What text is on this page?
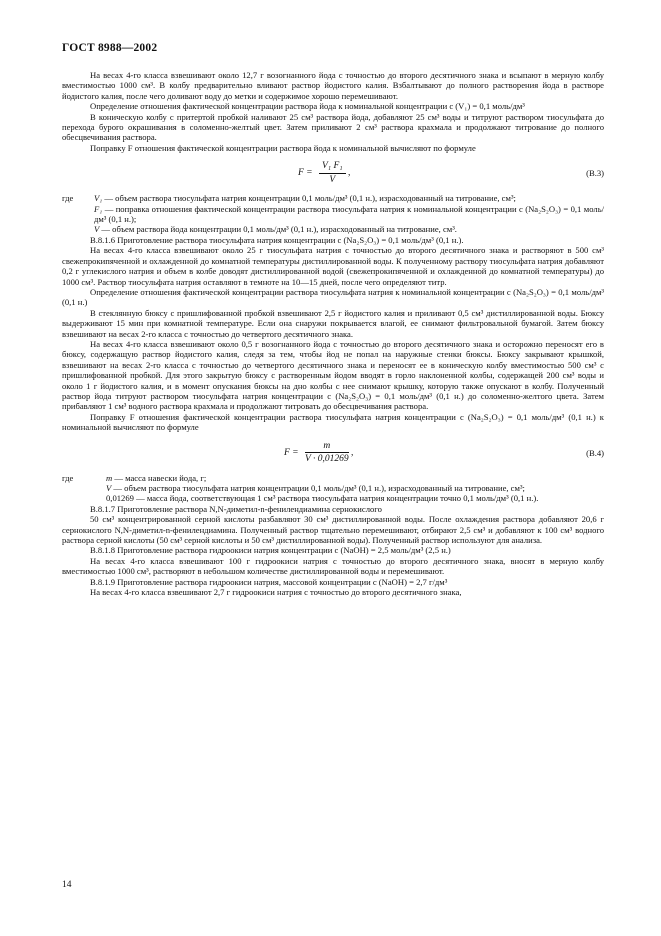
ГОСТ 8988—2002

На весах 4-го класса взвешивают около 12,7 г возогнанного йода с точностью до второго десятичного знака и всыпают в мерную колбу вместимостью 1000 см³. В колбу предварительно вливают раствор йодистого калия. Взбалтывают до полного растворения йода в растворе йодистого калия, после чего доливают воду до метки и содержимое хорошо перемешивают.

Определение отношения фактической концентрации раствора йода к номинальной концентрации c (V₁) = 0,1 моль/дм³

В коническую колбу с притертой пробкой наливают 25 см³ раствора йода, добавляют 25 см³ воды и титруют раствором тиосульфата до перехода бурого окрашивания в соломенно-желтый цвет. Затем приливают 2 см³ раствора крахмала и продолжают титрование до полного обесцвечивания раствора.

Поправку F отношения фактической концентрации раствора йода к номинальной вычисляют по формуле

$F = \frac{\text{V₁ F₁}}{V}$ ,	(В.3)
где	V₁ — объем раствора тиосульфата натрия концентрации 0,1 моль/дм³ (0,1 н.), израсходованный на титрование, см³;
F₁ — поправка отношения фактической концентрации раствора тиосульфата натрия к номинальной концентрации c (Na₂S₂O₃) = 0,1 моль/дм³ (0,1 н.);
V — объем раствора йода концентрации 0,1 моль/дм³ (0,1 н.), израсходованный на титрование, см³.

В.8.1.6 Приготовление раствора тиосульфата натрия концентрации c (Na₂S₂O₃) = 0,1 моль/дм³ (0,1 н.).

На весах 4-го класса взвешивают около 25 г тиосульфата натрия с точностью до второго десятичного знака и растворяют в 500 см³ свежепрокипяченной и охлажденной до комнатной температуры дистиллированной воды. К полученному раствору тиосульфата натрия добавляют 0,2 г углекислого натрия и объем в колбе доводят дистиллированной водой (свежепрокипяченной и охлажденной до комнатной температуры) до 1000 см³. Раствор тиосульфата натрия оставляют в темноте на 10—15 дней, после чего определяют титр.

Определение отношения фактической концентрации раствора тиосульфата натрия к номинальной концентрации c (Na₂S₂O₃) = 0,1 моль/дм³ (0,1 н.)

В стеклянную бюксу с пришлифованной пробкой взвешивают 2,5 г йодистого калия и приливают 0,5 см³ дистиллированной воды. Бюксу выдерживают 15 мин при комнатной температуре. Если она снаружи покрывается влагой, ее снимают фильтровальной бумагой. Затем бюксу взвешивают на весах 2-го класса с точностью до четвертого десятичного знака.

На весах 4-го класса взвешивают около 0,5 г возогнанного йода с точностью до второго десятичного знака и осторожно переносят его в бюксу, содержащую раствор йодистого калия, следя за тем, чтобы йод не попал на наружные стенки бюксы. Бюксу закрывают крышкой, взвешивают на весах 2-го класса с точностью до четвертого десятичного знака и переносят ее в коническую колбу вместимостью 500 см³ с пришлифованной пробкой. Для этого закрытую бюксу с растворенным йодом вводят в горло наклоненной колбы, содержащей 200 см³ воды и около 1 г йодистого калия, и в момент опускания бюксы на дно колбы с нее снимают крышку, которую также опускают в колбу. Полученный раствор йода титруют раствором тиосульфата натрия концентрации c (Na₂S₂O₃) = 0,1 моль/дм³ (0,1 н.) до соломенно-желтого цвета. Затем прибавляют 1 см³ водного раствора крахмала и продолжают титровать до обесцвечивания раствора.

Поправку F отношения фактической концентрации раствора тиосульфата натрия концентрации c (Na₂S₂O₃) = 0,1 моль/дм³ (0,1 н.) к номинальной вычисляют по формуле

$F = \frac{m}{V \cdot 0,01269}$ ,	(В.4)
где	m — масса навески йода, г;
V — объем раствора тиосульфата натрия концентрации 0,1 моль/дм³ (0,1 н.), израсходованный на титрование, см³;
0,01269 — масса йода, соответствующая 1 см³ раствора тиосульфата натрия концентрации точно 0,1 моль/дм³ (0,1 н.).

В.8.1.7 Приготовление раствора N,N-диметил-n-фенилендиамина сернокислого

50 см³ концентрированной серной кислоты разбавляют 30 см³ дистиллированной воды. После охлаждения раствора добавляют 20,6 г сернокислого N,N-диметил-n-фенилендиамина. Полученный раствор тщательно перемешивают, отбирают 2,5 см³ и добавляют к 100 см³ водного раствора серной кислоты (50 см³ серной кислоты и 50 см³ дистиллированной воды). Полученный раствор используют для анализа.

В.8.1.8 Приготовление раствора гидроокиси натрия концентрации c (NaOH) = 2,5 моль/дм³ (2,5 н.)

На весах 4-го класса взвешивают 100 г гидроокиси натрия с точностью до второго десятичного знака, вносят в мерную колбу вместимостью 1000 см³, растворяют в небольшом количестве дистиллированной воды и перемешивают.

В.8.1.9 Приготовление раствора гидроокиси натрия, массовой концентрации c (NaOH) = 2,7 г/дм³

На весах 4-го класса взвешивают 2,7 г гидроокиси натрия с точностью до второго десятичного знака,

14
